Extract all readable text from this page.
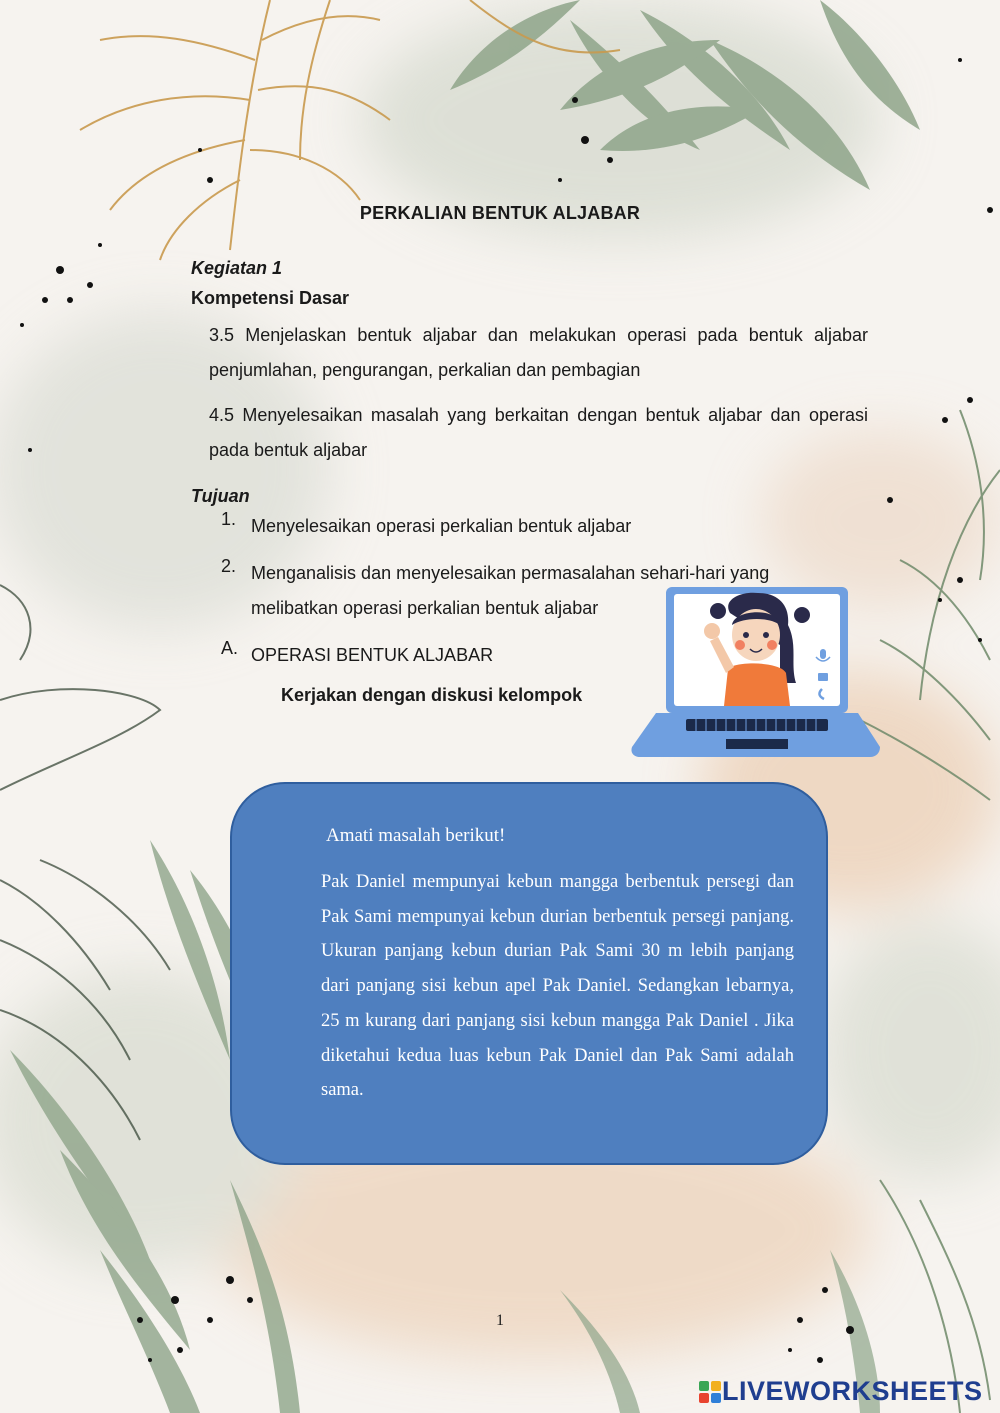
PERKALIAN BENTUK ALJABAR
Kegiatan 1
Kompetensi Dasar
3.5 Menjelaskan bentuk aljabar dan melakukan operasi pada bentuk aljabar penjumlahan, pengurangan, perkalian dan pembagian
4.5 Menyelesaikan masalah yang berkaitan dengan bentuk aljabar dan operasi pada bentuk aljabar
Tujuan
1. Menyelesaikan operasi perkalian bentuk aljabar
2. Menganalisis dan menyelesaikan permasalahan sehari-hari yang melibatkan operasi perkalian bentuk aljabar
A. OPERASI BENTUK ALJABAR
Kerjakan dengan diskusi kelompok
Amati masalah berikut!
Pak Daniel mempunyai kebun mangga berbentuk persegi dan Pak Sami mempunyai kebun durian berbentuk persegi panjang. Ukuran panjang kebun durian Pak Sami 30 m lebih panjang dari panjang sisi kebun apel Pak Daniel. Sedangkan lebarnya, 25 m kurang dari panjang sisi kebun mangga Pak Daniel . Jika diketahui kedua luas kebun Pak Daniel dan Pak Sami adalah sama.
1
LIVEWORKSHEETS
